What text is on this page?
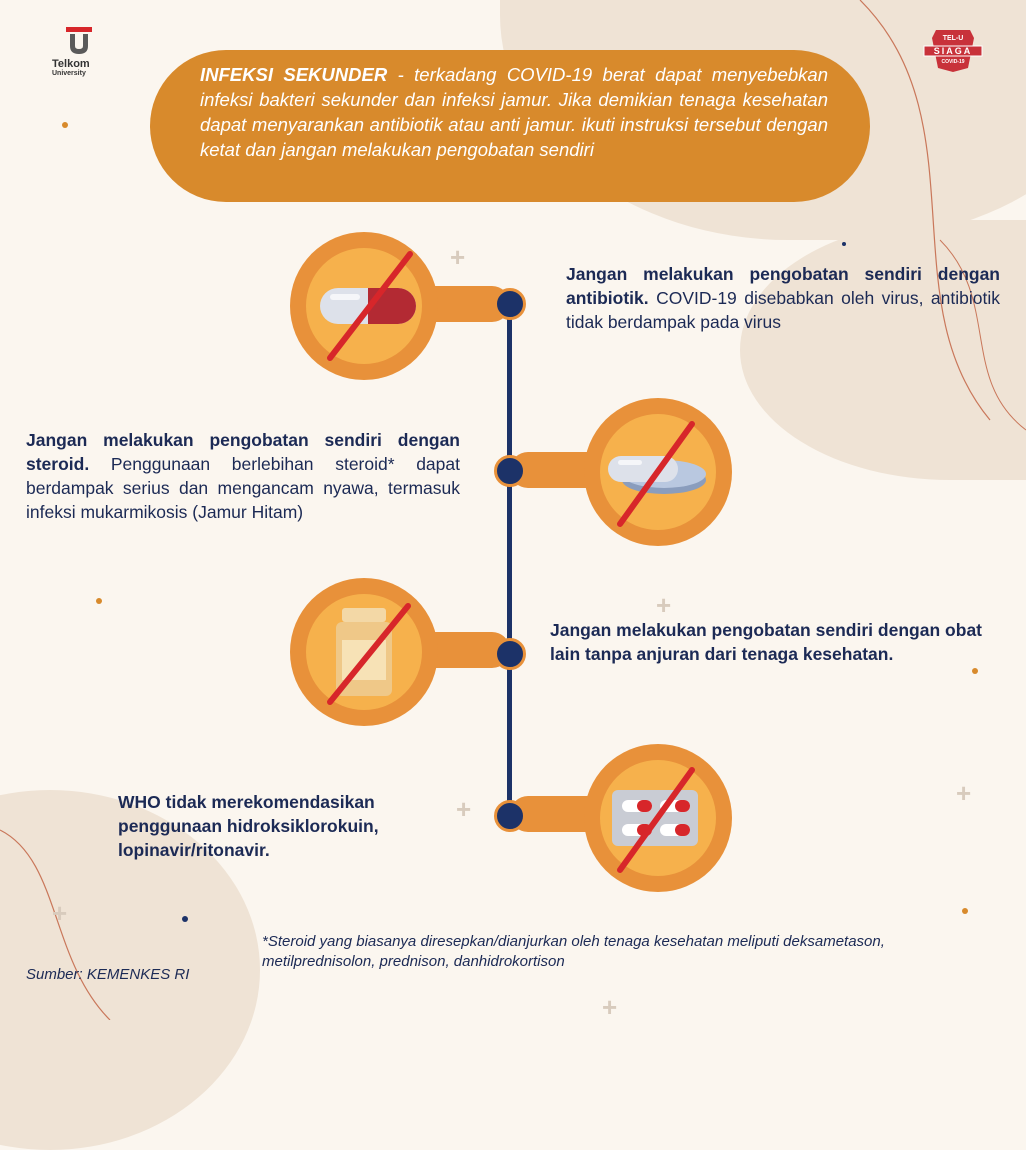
+
+
+
+
+
+
Telkom
University
TEL-U
SIAGA
COVID-19
INFEKSI SEKUNDER - terkadang COVID-19 berat dapat menyebebkan infeksi bakteri sekunder dan infeksi jamur. Jika demikian tenaga kesehatan dapat menyarankan antibiotik atau anti jamur. ikuti instruksi tersebut dengan ketat dan jangan melakukan pengobatan sendiri
Jangan melakukan pengobatan sendiri dengan antibiotik. COVID-19 disebabkan oleh virus, antibiotik tidak berdampak pada virus
Jangan melakukan pengobatan sendiri dengan steroid. Penggunaan berlebihan steroid* dapat berdampak serius dan mengancam nyawa, termasuk infeksi mukarmikosis (Jamur Hitam)
Jangan melakukan pengobatan sendiri dengan obat lain tanpa anjuran dari tenaga kesehatan.
WHO tidak merekomendasikan penggunaan hidroksiklorokuin, lopinavir/ritonavir.
*Steroid yang biasanya diresepkan/dianjurkan oleh tenaga kesehatan meliputi deksametason, metilprednisolon, prednison, danhidrokortison
Sumber: KEMENKES RI
